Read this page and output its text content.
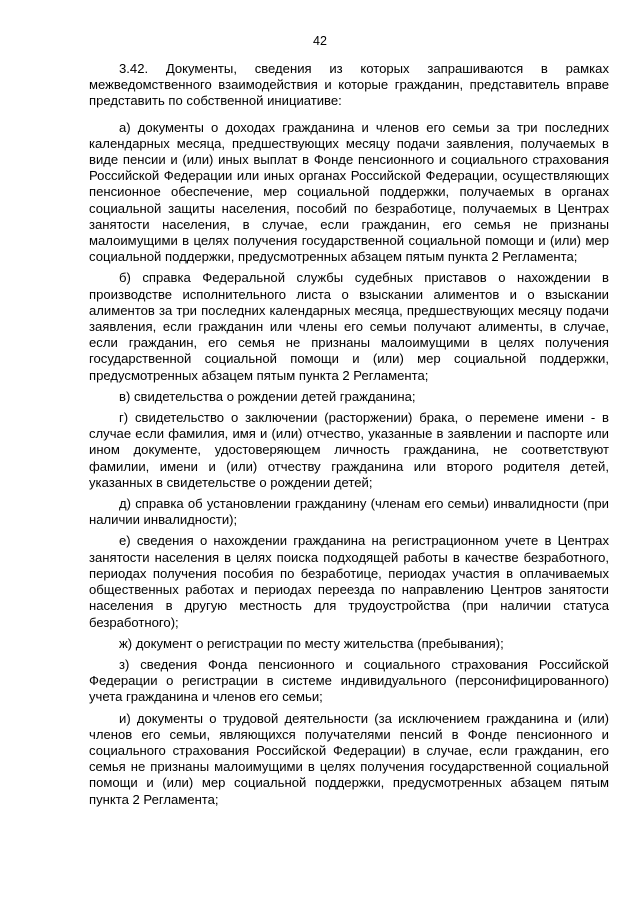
42

3.42. Документы, сведения из которых запрашиваются в рамках межведомственного взаимодействия и которые гражданин, представитель вправе представить по собственной инициативе:

а) документы о доходах гражданина и членов его семьи за три последних календарных месяца, предшествующих месяцу подачи заявления, получаемых в виде пенсии и (или) иных выплат в Фонде пенсионного и социального страхования Российской Федерации или иных органах Российской Федерации, осуществляющих пенсионное обеспечение, мер социальной поддержки, получаемых в органах социальной защиты населения, пособий по безработице, получаемых в Центрах занятости населения, в случае, если гражданин, его семья не признаны малоимущими в целях получения государственной социальной помощи и (или) мер социальной поддержки, предусмотренных абзацем пятым пункта 2 Регламента;

б) справка Федеральной службы судебных приставов о нахождении в производстве исполнительного листа о взыскании алиментов и о взыскании алиментов за три последних календарных месяца, предшествующих месяцу подачи заявления, если гражданин или члены его семьи получают алименты, в случае, если гражданин, его семья не признаны малоимущими в целях получения государственной социальной помощи и (или) мер социальной поддержки, предусмотренных абзацем пятым пункта 2 Регламента;

в) свидетельства о рождении детей гражданина;

г) свидетельство о заключении (расторжении) брака, о перемене имени - в случае если фамилия, имя и (или) отчество, указанные в заявлении и паспорте или ином документе, удостоверяющем личность гражданина, не соответствуют фамилии, имени и (или) отчеству гражданина или второго родителя детей, указанных в свидетельстве о рождении детей;

д) справка об установлении гражданину (членам его семьи) инвалидности (при наличии инвалидности);

е) сведения о нахождении гражданина на регистрационном учете в Центрах занятости населения в целях поиска подходящей работы в качестве безработного, периодах получения пособия по безработице, периодах участия в оплачиваемых общественных работах и периодах переезда по направлению Центров занятости населения в другую местность для трудоустройства (при наличии статуса безработного);

ж) документ о регистрации по месту жительства (пребывания);

з) сведения Фонда пенсионного и социального страхования Российской Федерации о регистрации в системе индивидуального (персонифицированного) учета гражданина и членов его семьи;

и) документы о трудовой деятельности (за исключением гражданина и (или) членов его семьи, являющихся получателями пенсий в Фонде пенсионного и социального страхования Российской Федерации) в случае, если гражданин, его семья не признаны малоимущими в целях получения государственной социальной помощи и (или) мер социальной поддержки, предусмотренных абзацем пятым пункта 2 Регламента;
